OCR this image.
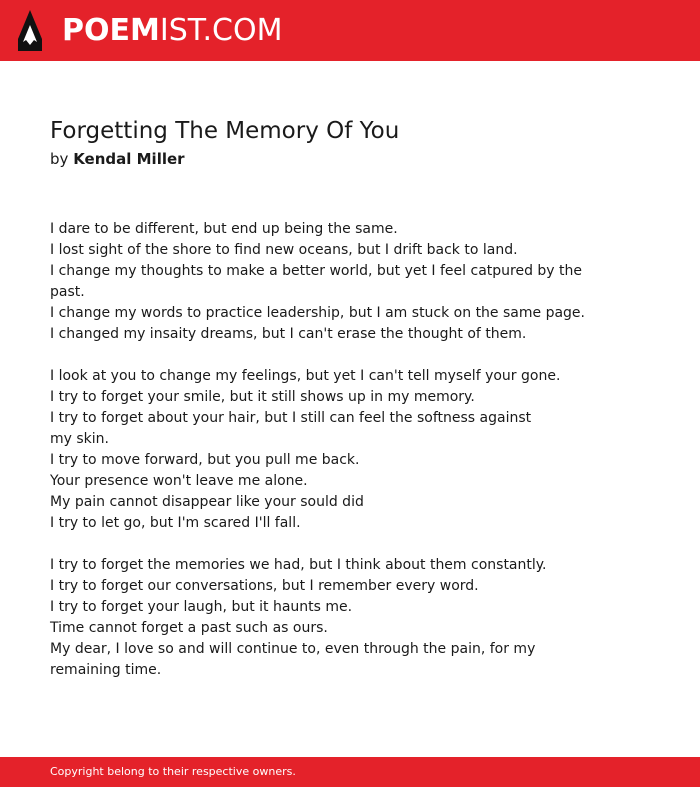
POEMIST.COM
Forgetting The Memory Of You
by Kendal Miller
I dare to be different, but end up being the same.
I lost sight of the shore to find new oceans, but I drift back to land.
I change my thoughts to make a better world, but yet I feel catpured by the
past.
I change my words to practice leadership, but I am stuck on the same page.
I changed my insaity dreams, but I can't erase the thought of them.
I look at you to change my feelings, but yet I can't tell myself your gone.
I try to forget your smile, but it still shows up in my memory.
I try to forget about your hair, but I still can feel the softness against
my skin.
I try to move forward, but you pull me back.
Your presence won't leave me alone.
My pain cannot disappear like your sould did
I try to let go, but I'm scared I'll fall.
I try to forget the memories we had, but I think about them constantly.
I try to forget our conversations, but I remember every word.
I try to forget your laugh, but it haunts me.
Time cannot forget a past such as ours.
My dear, I love so and will continue to, even through the pain, for my
remaining time.
Copyright belong to their respective owners.
